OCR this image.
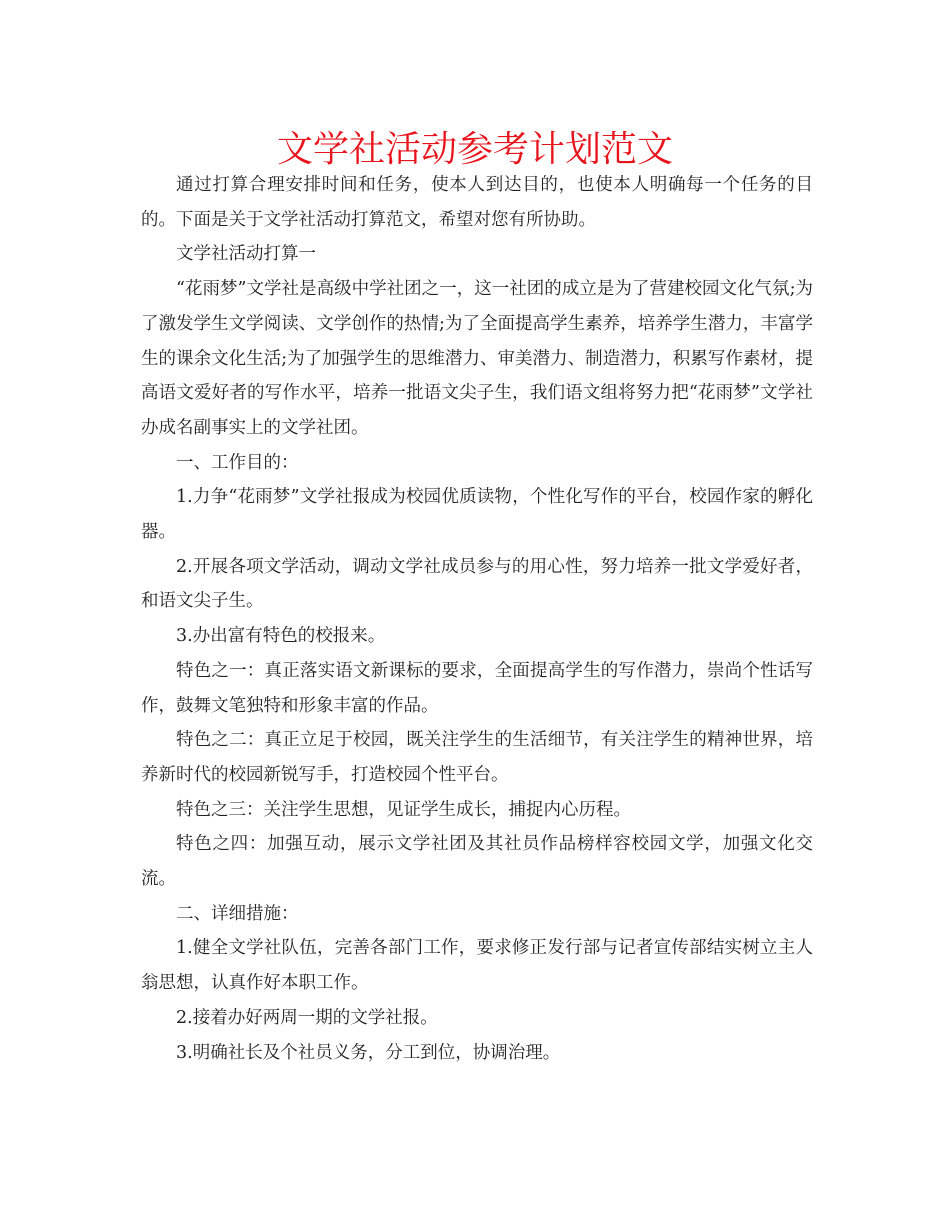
文学社活动参考计划范文

通过打算合理安排时间和任务，使本人到达目的，也使本人明确每一个任务的目的。下面是关于文学社活动打算范文，希望对您有所协助。

文学社活动打算一

“花雨梦”文学社是高级中学社团之一，这一社团的成立是为了营建校园文化气氛;为了激发学生文学阅读、文学创作的热情;为了全面提高学生素养，培养学生潜力，丰富学生的课余文化生活;为了加强学生的思维潜力、审美潜力、制造潜力，积累写作素材，提高语文爱好者的写作水平，培养一批语文尖子生，我们语文组将努力把“花雨梦”文学社办成名副事实上的文学社团。

一、工作目的：

1.力争“花雨梦”文学社报成为校园优质读物，个性化写作的平台，校园作家的孵化器。

2.开展各项文学活动，调动文学社成员参与的用心性，努力培养一批文学爱好者，和语文尖子生。

3.办出富有特色的校报来。

特色之一：真正落实语文新课标的要求，全面提高学生的写作潜力，崇尚个性话写作，鼓舞文笔独特和形象丰富的作品。

特色之二：真正立足于校园，既关注学生的生活细节，有关注学生的精神世界，培养新时代的校园新锐写手，打造校园个性平台。

特色之三：关注学生思想，见证学生成长，捕捉内心历程。

特色之四：加强互动，展示文学社团及其社员作品榜样容校园文学，加强文化交流。

二、详细措施：

1.健全文学社队伍，完善各部门工作，要求修正发行部与记者宣传部结实树立主人翁思想，认真作好本职工作。

2.接着办好两周一期的文学社报。

3.明确社长及个社员义务，分工到位，协调治理。
